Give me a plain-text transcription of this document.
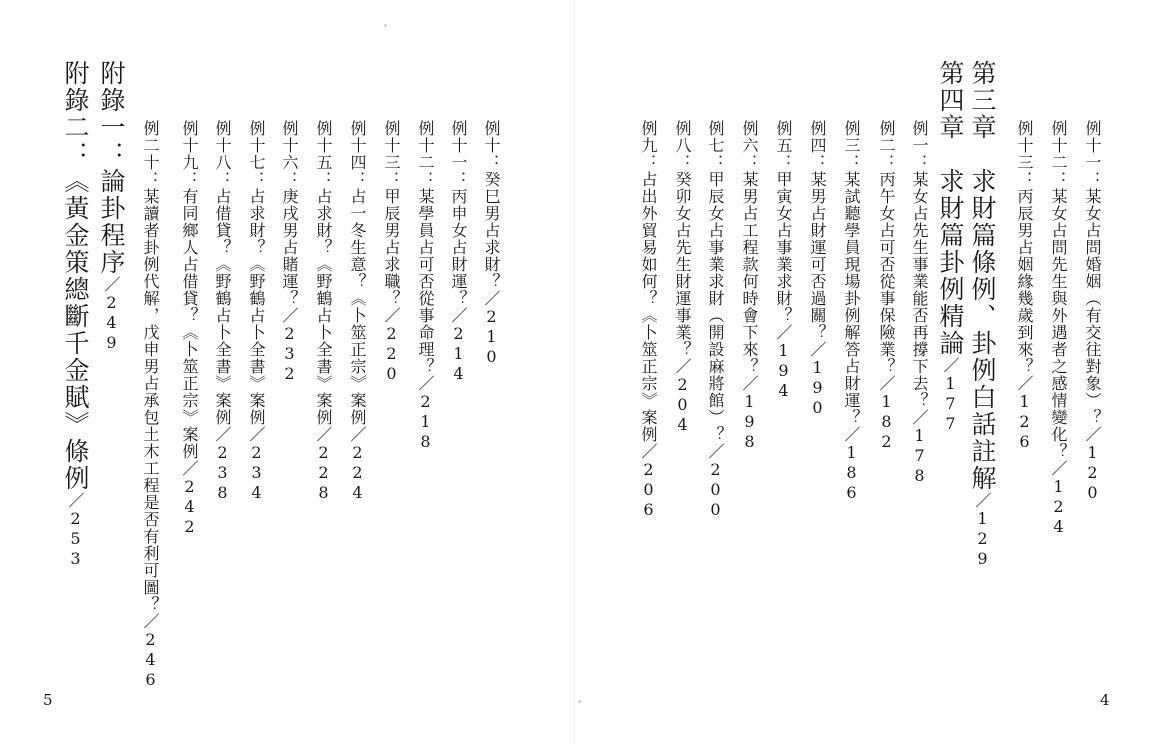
例十一：某女占問婚姻（有交往對象）？／120
例十二：某女占問先生與外遇者之感情變化？／124
例十三：丙辰男占姻緣幾歲到來？／126
第三章　求財篇條例、卦例白話註解／129
第四章　求財篇卦例精論／177
例一：某女占先生事業能否再撐下去？／178
例二：丙午女占可否從事保險業？／182
例三：某試聽學員現場卦例解答占財運？／186
例四：某男占財運可否過關？／190
例五：甲寅女占事業求財？／194
例六：某男占工程款何時會下來？／198
例七：甲辰女占事業求財（開設麻將館）？／200
例八：癸卯女占先生財運事業？／204
例九：占出外貿易如何？《卜筮正宗》案例／206
例十：癸巳男占求財？／210
例十一：丙申女占財運？／214
例十二：某學員占可否從事命理？／218
例十三：甲辰男占求職？／220
例十四：占一冬生意？《卜筮正宗》案例／224
例十五：占求財？《野鶴占卜全書》案例／228
例十六：庚戌男占賭運？／232
例十七：占求財？《野鶴占卜全書》案例／234
例十八：占借貸？《野鶴占卜全書》案例／238
例十九：有同鄉人占借貸？《卜筮正宗》案例／242
例二十：某讀者卦例代解，戊申男占承包土木工程是否有利可圖？／246
附錄一：論卦程序／249
附錄二：《黃金策總斷千金賦》條例／253
4
5
